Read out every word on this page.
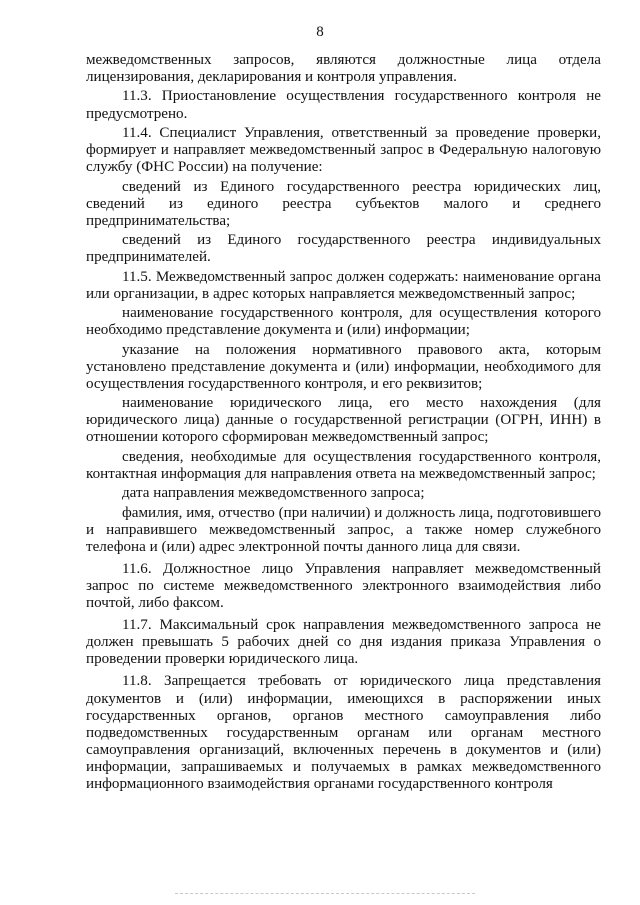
8

межведомственных запросов, являются должностные лица отдела лицензирования, декларирования и контроля управления.

11.3. Приостановление осуществления государственного контроля не предусмотрено.

11.4. Специалист Управления, ответственный за проведение проверки, формирует и направляет межведомственный запрос в Федеральную налоговую службу (ФНС России) на получение:

сведений из Единого государственного реестра юридических лиц, сведений из единого реестра субъектов малого и среднего предпринимательства;

сведений из Единого государственного реестра индивидуальных предпринимателей.

11.5. Межведомственный запрос должен содержать: наименование органа или организации, в адрес которых направляется межведомственный запрос;

наименование государственного контроля, для осуществления которого необходимо представление документа и (или) информации;

указание на положения нормативного правового акта, которым установлено представление документа и (или) информации, необходимого для осуществления государственного контроля, и его реквизитов;

наименование юридического лица, его место нахождения (для юридического лица) данные о государственной регистрации (ОГРН, ИНН) в отношении которого сформирован межведомственный запрос;

сведения, необходимые для осуществления государственного контроля, контактная информация для направления ответа на межведомственный запрос;

дата направления межведомственного запроса;

фамилия, имя, отчество (при наличии) и должность лица, подготовившего и направившего межведомственный запрос, а также номер служебного телефона и (или) адрес электронной почты данного лица для связи.

11.6. Должностное лицо Управления направляет межведомственный запрос по системе межведомственного электронного взаимодействия либо почтой, либо факсом.

11.7. Максимальный срок направления межведомственного запроса не должен превышать 5 рабочих дней со дня издания приказа Управления о проведении проверки юридического лица.

11.8. Запрещается требовать от юридического лица представления документов и (или) информации, имеющихся в распоряжении иных государственных органов, органов местного самоуправления либо подведомственных государственным органам или органам местного самоуправления организаций, включенных перечень в документов и (или) информации, запрашиваемых и получаемых в рамках межведомственного информационного взаимодействия органами государственного контроля
